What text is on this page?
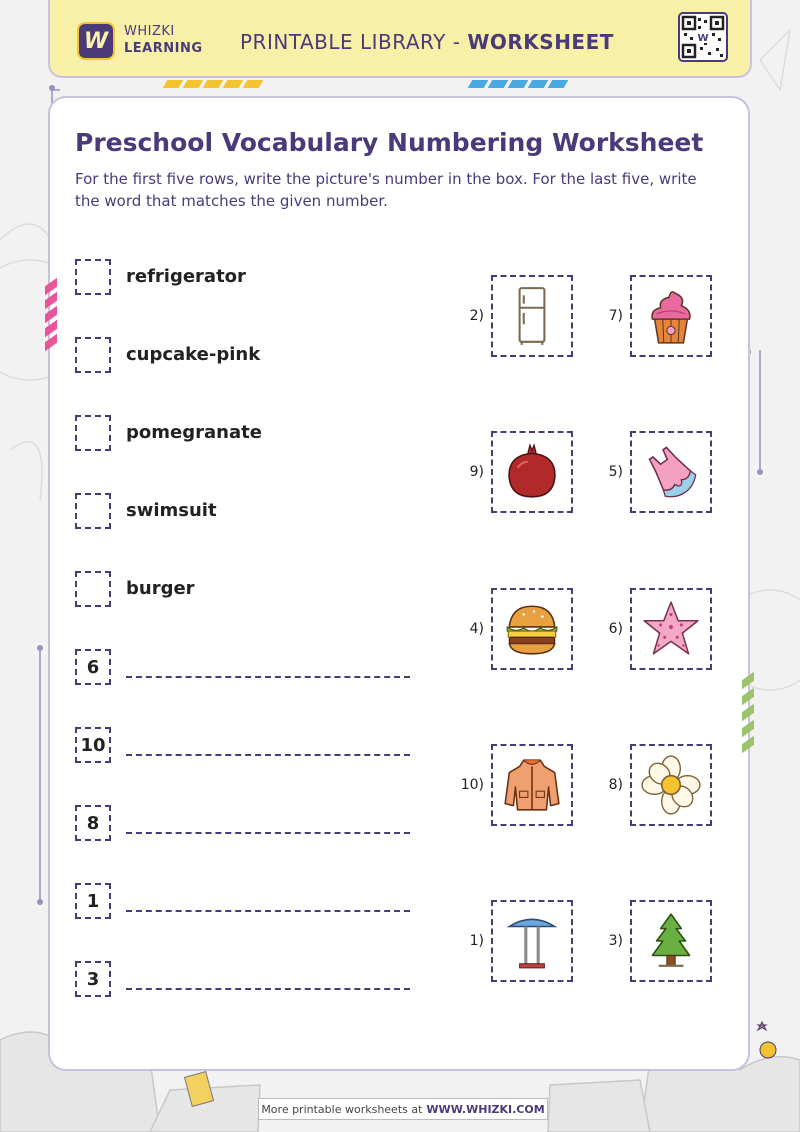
W WHIZKI
LEARNING PRINTABLE LIBRARY - WORKSHEET	W
Preschool Vocabulary Numbering Worksheet
For the first five rows, write the picture's number in the box. For the last five, write the word that matches the given number.
refrigerator
cupcake-pink
pomegranate
swimsuit
burger
6
10
8
1
3
2)	7)
9)	5)
4)	6)
10)	8)
1)	3)
More printable worksheets at WWW.WHIZKI.COM
